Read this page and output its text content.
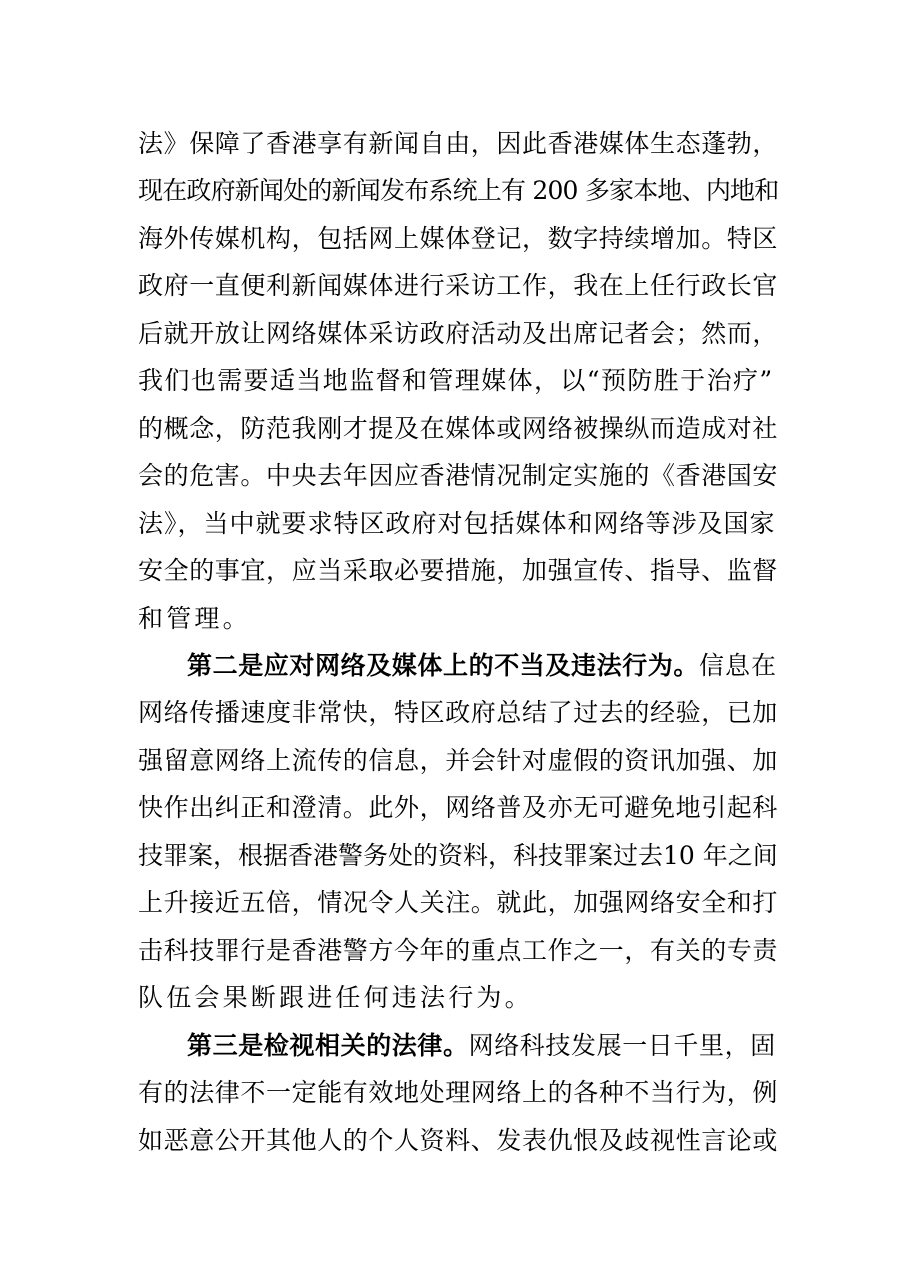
法》保障了香港享有新闻自由，因此香港媒体生态蓬勃，
现在政府新闻处的新闻发布系统上有 200 多家本地、内地和
海外传媒机构，包括网上媒体登记，数字持续增加。特区
政府一直便利新闻媒体进行采访工作，我在上任行政长官
后就开放让网络媒体采访政府活动及出席记者会；然而，
我们也需要适当地监督和管理媒体，以“预防胜于治疗”
的概念，防范我刚才提及在媒体或网络被操纵而造成对社
会的危害。中央去年因应香港情况制定实施的《香港国安
法》，当中就要求特区政府对包括媒体和网络等涉及国家
安全的事宜，应当采取必要措施，加强宣传、指导、监督
和管理。
第二是应对网络及媒体上的不当及违法行为。信息在
网络传播速度非常快，特区政府总结了过去的经验，已加
强留意网络上流传的信息，并会针对虚假的资讯加强、加
快作出纠正和澄清。此外，网络普及亦无可避免地引起科
技罪案，根据香港警务处的资料，科技罪案过去10 年之间
上升接近五倍，情况令人关注。就此，加强网络安全和打
击科技罪行是香港警方今年的重点工作之一，有关的专责
队伍会果断跟进任何违法行为。
第三是检视相关的法律。网络科技发展一日千里，固
有的法律不一定能有效地处理网络上的各种不当行为，例
如恶意公开其他人的个人资料、发表仇恨及歧视性言论或
